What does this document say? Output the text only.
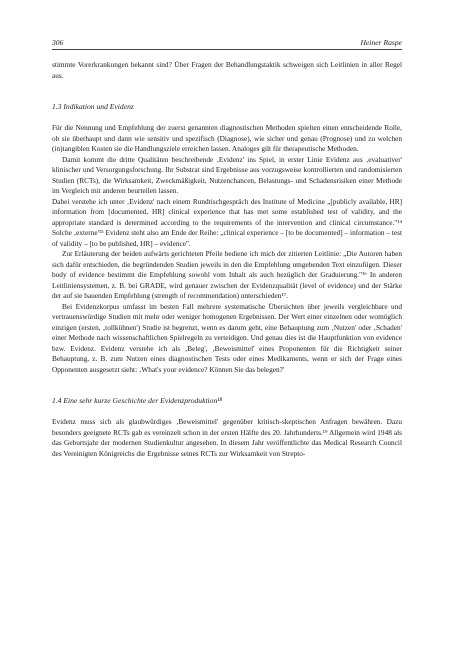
306	Heiner Raspe

stimmte Vorerkrankungen bekannt sind? Über Fragen der Behandlungstaktik schweigen sich Leitlinien in aller Regel aus.

1.3 Indikation und Evidenz

Für die Nennung und Empfehlung der zuerst genannten diagnostischen Methoden spielten einen entscheidende Rolle, ob sie überhaupt und dann wie sensitiv und spezifisch (Diagnose), wie sicher und genau (Prognose) und zu welchen (in)tangiblen Kosten sie die Handlungsziele erreichen lassen. Analoges gilt für therapeutische Methoden.

Damit kommt die dritte Qualitäten beschreibende ‚Evidenz' ins Spiel, in erster Linie Evidenz aus ‚evaluativer' klinischer und Versorgungsforschung. Ihr Substrat sind Ergebnisse aus vorzugsweise kontrollierten und randomisierten Studien (RCTs), die Wirksamkeit, Zweckmäßigkeit, Nutzenchancen, Belastungs- und Schadensrisiken einer Methode im Vergleich mit anderen beurteilen lassen.

Dabei verstehe ich unter ‚Evidenz' nach einem Rundtischgespräch des Institute of Medicine „[publicly available, HR] information from [documented, HR] clinical experience that has met some established test of validity, and the appropriate standard is determined according to the requirements of the intervention and clinical circumstance."¹⁴ Solche ‚externe'¹⁵ Evidenz steht also am Ende der Reihe: „clinical experience – [to be documented] – information – test of validity – [to be published, HR] – evidence".

Zur Erläuterung der beiden aufwärts gerichteten Pfeile bediene ich mich der zitierten Leitlinie: „Die Autoren haben sich dafür entschieden, die begründenden Studien jeweils in den die Empfehlung umgebenden Text einzufügen. Dieser body of evidence bestimmt die Empfehlung sowohl vom Inhalt als auch bezüglich der Graduierung."¹⁶ In anderen Leitliniensystemen, z. B. bei GRADE, wird genauer zwischen der Evidenzqualität (level of evidence) und der Stärke der auf sie bauenden Empfehlung (strength of recommendation) unterschieden¹⁷.

Bei Evidenzkorpus umfasst im besten Fall mehrere systematische Übersichten über jeweils vergleichbare und vertrauenswürdige Studien mit mehr oder weniger homogenen Ergebnissen. Der Wert einer einzelnen oder womöglich einzigen (ersten, ‚tollkühnen') Studie ist begrenzt, wenn es darum geht, eine Behauptung zum ‚Nutzen' oder ‚Schaden' einer Methode nach wissenschaftlichen Spielregeln zu verteidigen. Und genau dies ist die Hauptfunktion von evidence bzw. Evidenz. Evidenz verstehe ich als ‚Beleg', ‚Beweismittel' eines Proponenten für die Richtigkeit seiner Behauptung, z. B. zum Nutzen eines diagnostischen Tests oder eines Medikaments, wenn er sich der Frage eines Opponenten ausgesetzt sieht: ‚What's your evidence? Können Sie das belegen?'

1.4 Eine sehr kurze Geschichte der Evidenzproduktion¹⁸

Evidenz muss sich als glaubwürdiges ‚Beweismittel' gegenüber kritisch-skeptischen Anfragen bewähren. Dazu besonders geeignete RCTs gab es vereinzelt schon in der ersten Hälfte des 20. Jahrhunderts.¹⁹ Allgemein wird 1948 als das Geburtsjahr der modernen Studienkultur angesehen. In diesem Jahr veröffentlichte das Medical Research Council des Vereinigten Königreichs die Ergebnisse seines RCTs zur Wirksamkeit von Strepto-
